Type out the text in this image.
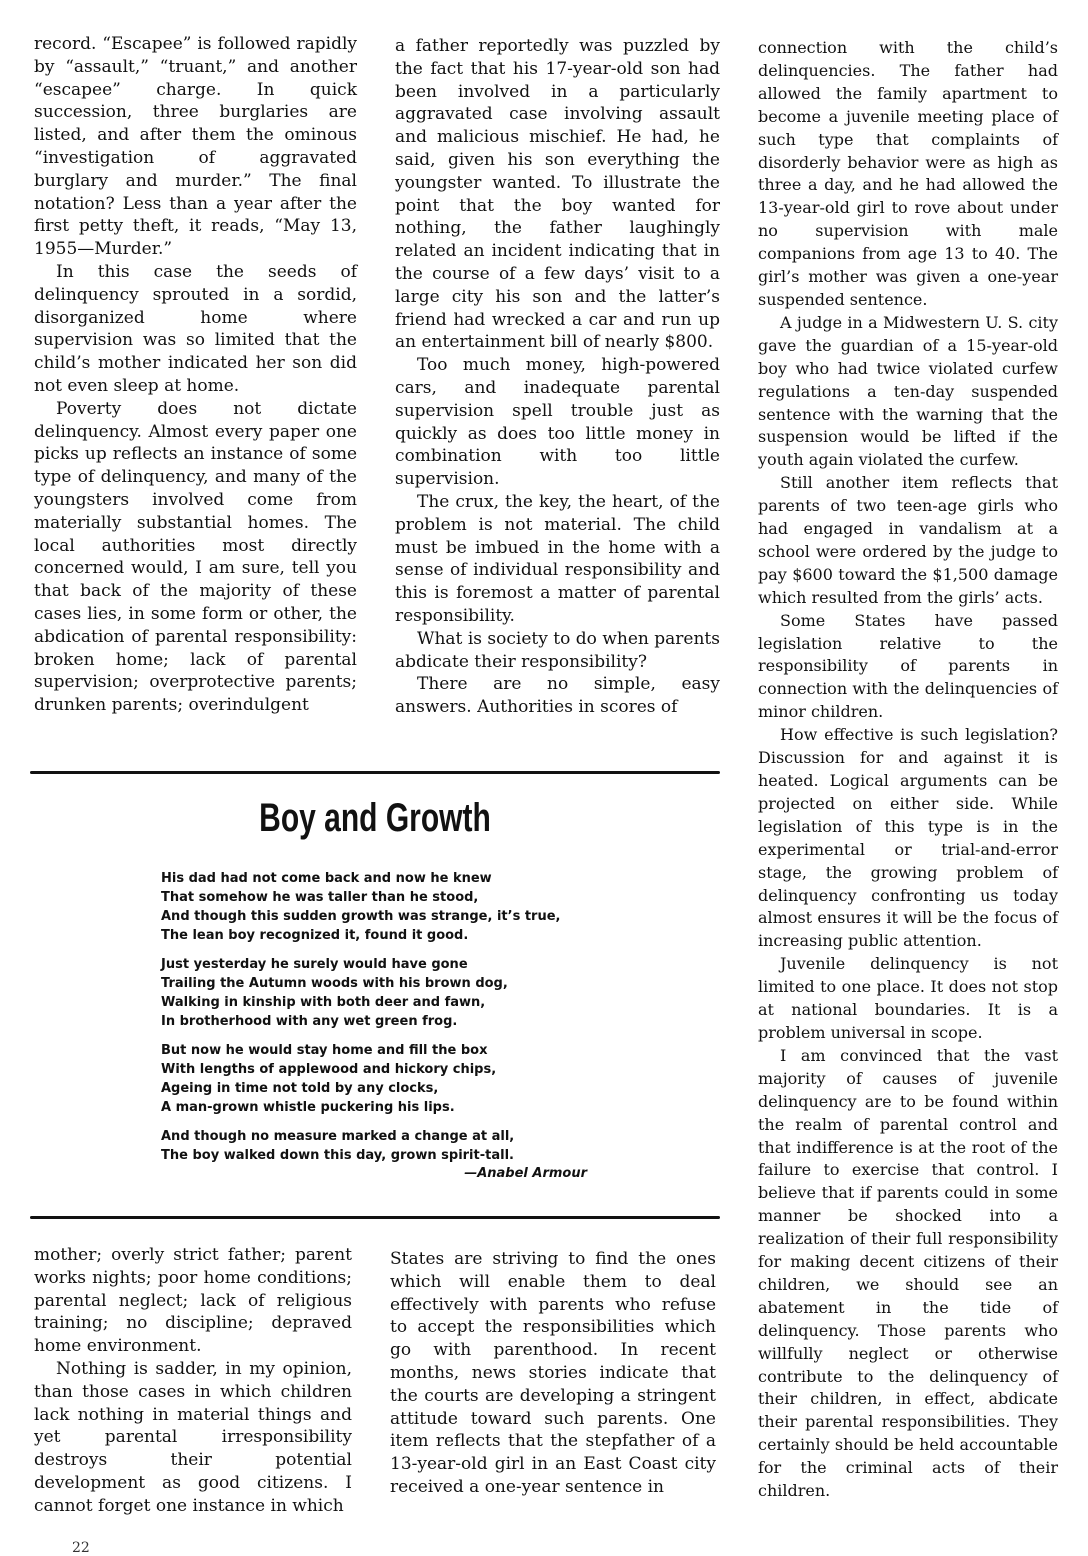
record. “Escapee” is followed rapidly by “assault,” “truant,” and another “escapee” charge. In quick succession, three burglaries are listed, and after them the ominous “investigation of aggravated burglary and murder.” The final notation? Less than a year after the first petty theft, it reads, “May 13, 1955—Murder.”

In this case the seeds of delinquency sprouted in a sordid, disorganized home where supervision was so limited that the child’s mother indicated her son did not even sleep at home.

Poverty does not dictate delinquency. Almost every paper one picks up reflects an instance of some type of delinquency, and many of the youngsters involved come from materially substantial homes. The local authorities most directly concerned would, I am sure, tell you that back of the majority of these cases lies, in some form or other, the abdication of parental responsibility: broken home; lack of parental supervision; overprotective parents; drunken parents; overindulgent

a father reportedly was puzzled by the fact that his 17-year-old son had been involved in a particularly aggravated case involving assault and malicious mischief. He had, he said, given his son everything the youngster wanted. To illustrate the point that the boy wanted for nothing, the father laughingly related an incident indicating that in the course of a few days’ visit to a large city his son and the latter’s friend had wrecked a car and run up an entertainment bill of nearly $800.

Too much money, high-powered cars, and inadequate parental supervision spell trouble just as quickly as does too little money in combination with too little supervision.

The crux, the key, the heart, of the problem is not material. The child must be imbued in the home with a sense of individual responsibility and this is foremost a matter of parental responsibility.

What is society to do when parents abdicate their responsibility?

There are no simple, easy answers. Authorities in scores of

connection with the child’s delinquencies. The father had allowed the family apartment to become a juvenile meeting place of such type that complaints of disorderly behavior were as high as three a day, and he had allowed the 13-year-old girl to rove about under no supervision with male companions from age 13 to 40. The girl’s mother was given a one-year suspended sentence.

A judge in a Midwestern U. S. city gave the guardian of a 15-year-old boy who had twice violated curfew regulations a ten-day suspended sentence with the warning that the suspension would be lifted if the youth again violated the curfew.

Still another item reflects that parents of two teen-age girls who had engaged in vandalism at a school were ordered by the judge to pay $600 toward the $1,500 damage which resulted from the girls’ acts.

Some States have passed legislation relative to the responsibility of parents in connection with the delinquencies of minor children.

How effective is such legislation? Discussion for and against it is heated. Logical arguments can be projected on either side. While legislation of this type is in the experimental or trial-and-error stage, the growing problem of delinquency confronting us today almost ensures it will be the focus of increasing public attention.

Juvenile delinquency is not limited to one place. It does not stop at national boundaries. It is a problem universal in scope.

I am convinced that the vast majority of causes of juvenile delinquency are to be found within the realm of parental control and that indifference is at the root of the failure to exercise that control. I believe that if parents could in some manner be shocked into a realization of their full responsibility for making decent citizens of their children, we should see an abatement in the tide of delinquency. Those parents who willfully neglect or otherwise contribute to the delinquency of their children, in effect, abdicate their parental responsibilities. They certainly should be held accountable for the criminal acts of their children.

Boy and Growth
His dad had not come back and now he knew
That somehow he was taller than he stood,
And though this sudden growth was strange, it’s true,
The lean boy recognized it, found it good.
Just yesterday he surely would have gone
Trailing the Autumn woods with his brown dog,
Walking in kinship with both deer and fawn,
In brotherhood with any wet green frog.
But now he would stay home and fill the box
With lengths of applewood and hickory chips,
Ageing in time not told by any clocks,
A man-grown whistle puckering his lips.
And though no measure marked a change at all,
The boy walked down this day, grown spirit-tall.
—Anabel Armour

mother; overly strict father; parent works nights; poor home conditions; parental neglect; lack of religious training; no discipline; depraved home environment.

Nothing is sadder, in my opinion, than those cases in which children lack nothing in material things and yet parental irresponsibility destroys their potential development as good citizens. I cannot forget one instance in which

States are striving to find the ones which will enable them to deal effectively with parents who refuse to accept the responsibilities which go with parenthood. In recent months, news stories indicate that the courts are developing a stringent attitude toward such parents. One item reflects that the stepfather of a 13-year-old girl in an East Coast city received a one-year sentence in

22
